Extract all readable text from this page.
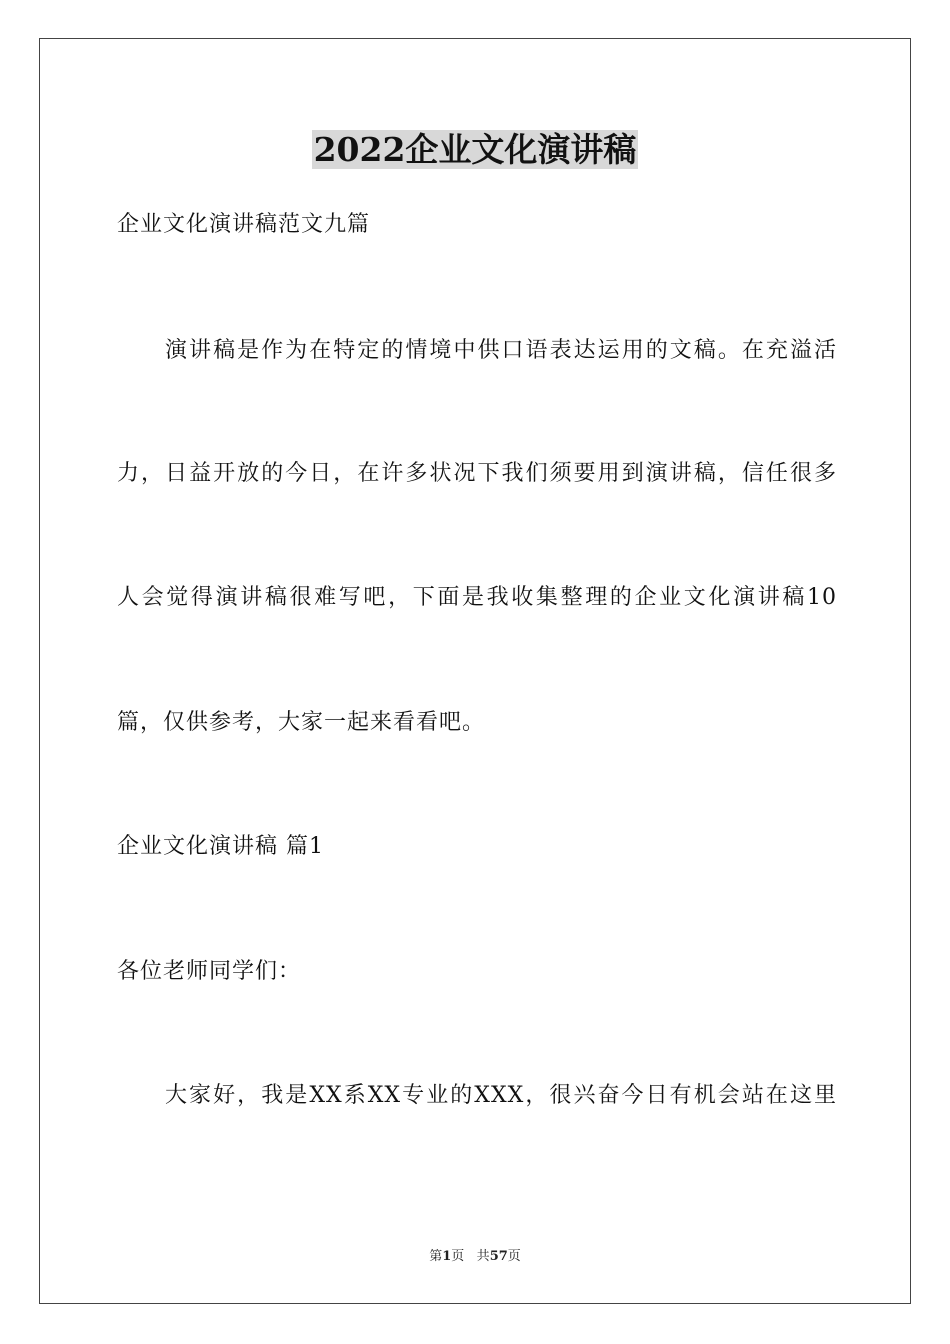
2022企业文化演讲稿

企业文化演讲稿范文九篇

演讲稿是作为在特定的情境中供口语表达运用的文稿。在充溢活

力，日益开放的今日，在许多状况下我们须要用到演讲稿，信任很多

人会觉得演讲稿很难写吧，下面是我收集整理的企业文化演讲稿10

篇，仅供参考，大家一起来看看吧。

企业文化演讲稿 篇1

各位老师同学们：

大家好，我是XX系XX专业的XXX，很兴奋今日有机会站在这里

第1页 共57页
